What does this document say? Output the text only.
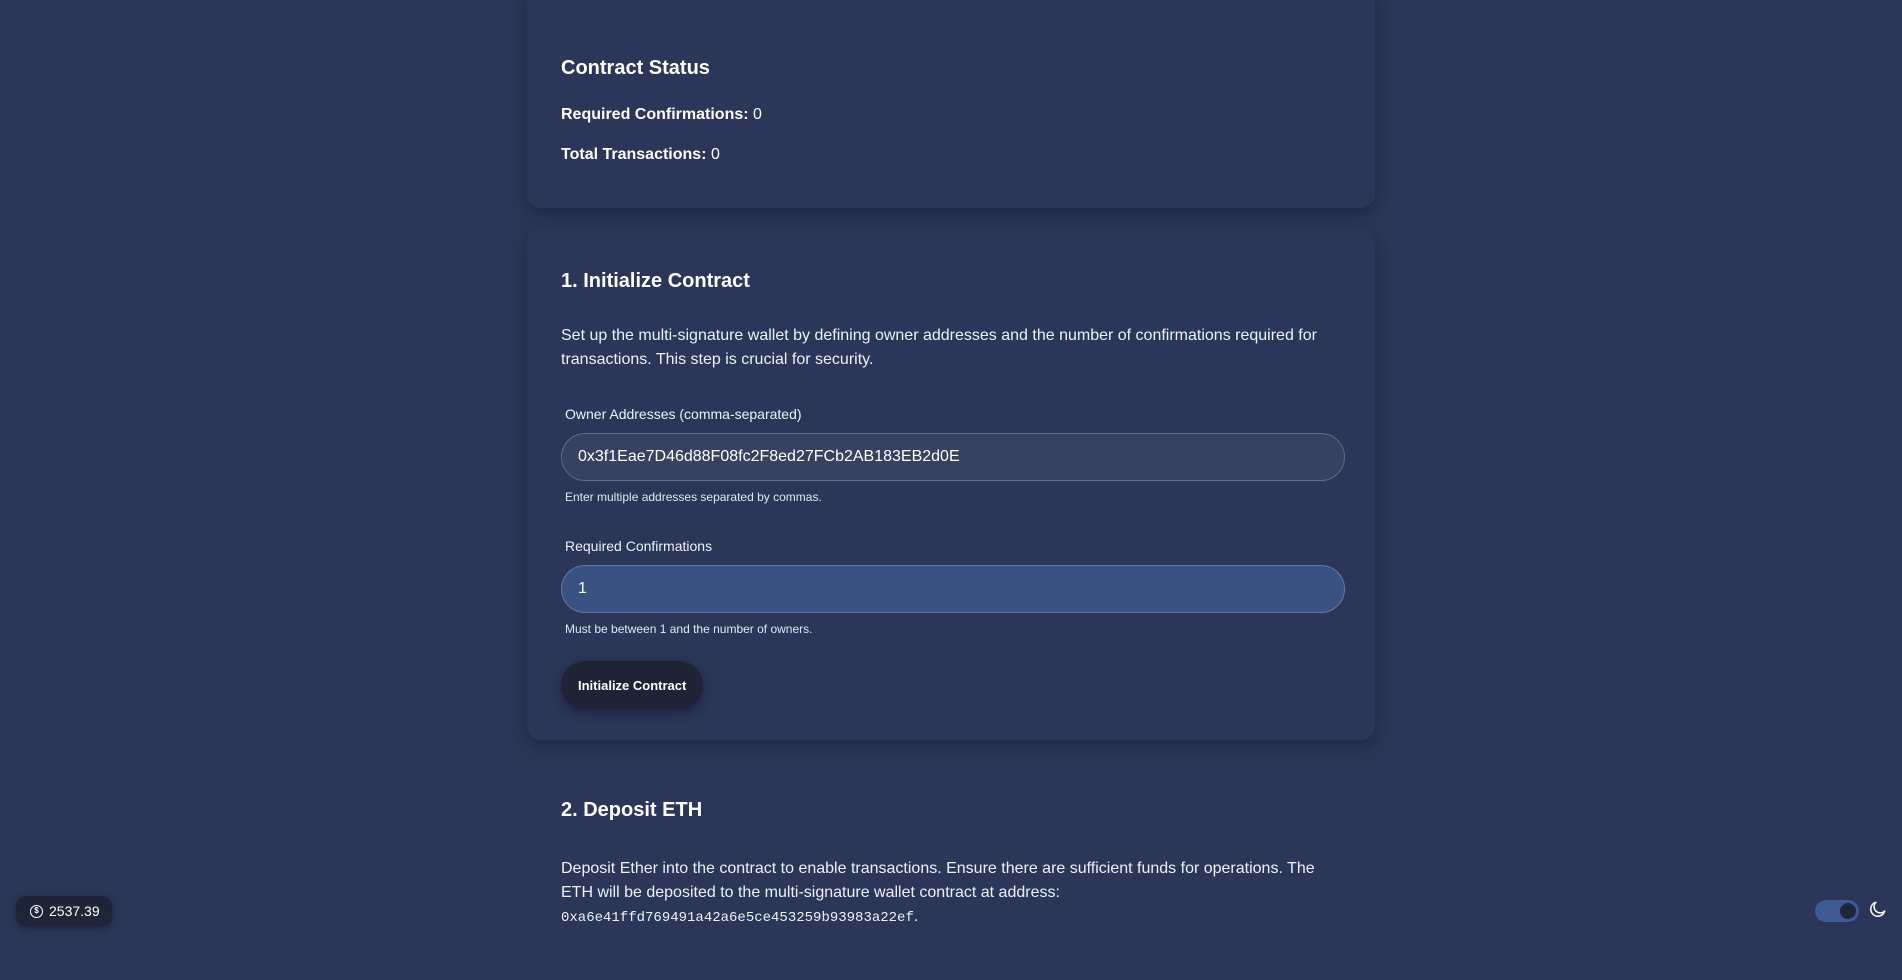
Contract Status
Required Confirmations: 0
Total Transactions: 0
1. Initialize Contract
Set up the multi-signature wallet by defining owner addresses and the number of confirmations required for transactions. This step is crucial for security.
Owner Addresses (comma-separated)
0x3f1Eae7D46d88F08fc2F8ed27FCb2AB183EB2d0E
Enter multiple addresses separated by commas.
Required Confirmations
1
Must be between 1 and the number of owners.
Initialize Contract
2. Deposit ETH
Deposit Ether into the contract to enable transactions. Ensure there are sufficient funds for operations. The ETH will be deposited to the multi-signature wallet contract at address:
0xa6e41ffd769491a42a6e5ce453259b93983a22ef.
$ 2537.39
